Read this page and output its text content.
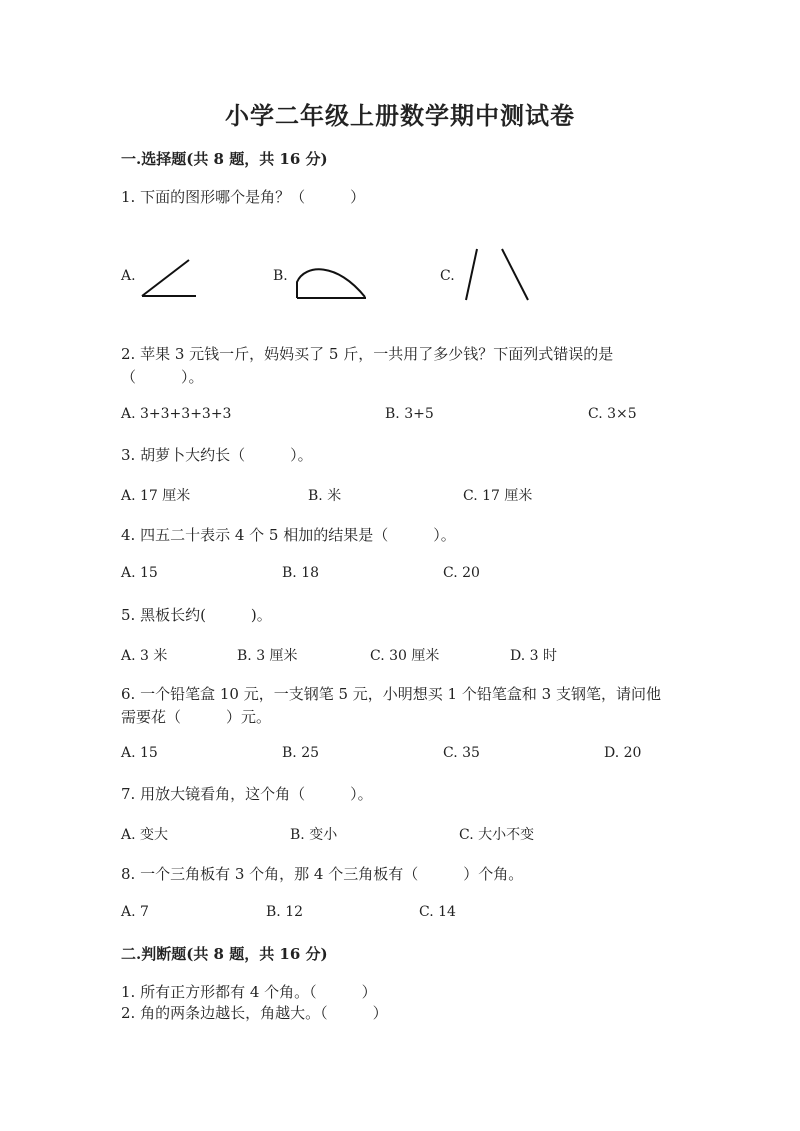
小学二年级上册数学期中测试卷
一.选择题(共 8 题，共 16 分)
1. 下面的图形哪个是角？（　　　）
A.	B.	C.
2. 苹果 3 元钱一斤，妈妈买了 5 斤，一共用了多少钱？下面列式错误的是
（　　　）。
A. 3+3+3+3+3	B. 3+5	C. 3×5
3. 胡萝卜大约长（　　　）。
A. 17 厘米	B. 米	C. 17 厘米
4. 四五二十表示 4 个 5 相加的结果是（　　　）。
A. 15	B. 18	C. 20
5. 黑板长约(　　　)。
A. 3 米	B. 3 厘米	C. 30 厘米	D. 3 时
6. 一个铅笔盒 10 元，一支钢笔 5 元，小明想买 1 个铅笔盒和 3 支钢笔，请问他
需要花（　　　）元。
A. 15	B. 25	C. 35	D. 20
7. 用放大镜看角，这个角（　　　）。
A. 变大	B. 变小	C. 大小不变
8. 一个三角板有 3 个角，那 4 个三角板有（　　　）个角。
A. 7	B. 12	C. 14
二.判断题(共 8 题，共 16 分)
1. 所有正方形都有 4 个角。（　　　）
2. 角的两条边越长，角越大。（　　　）
